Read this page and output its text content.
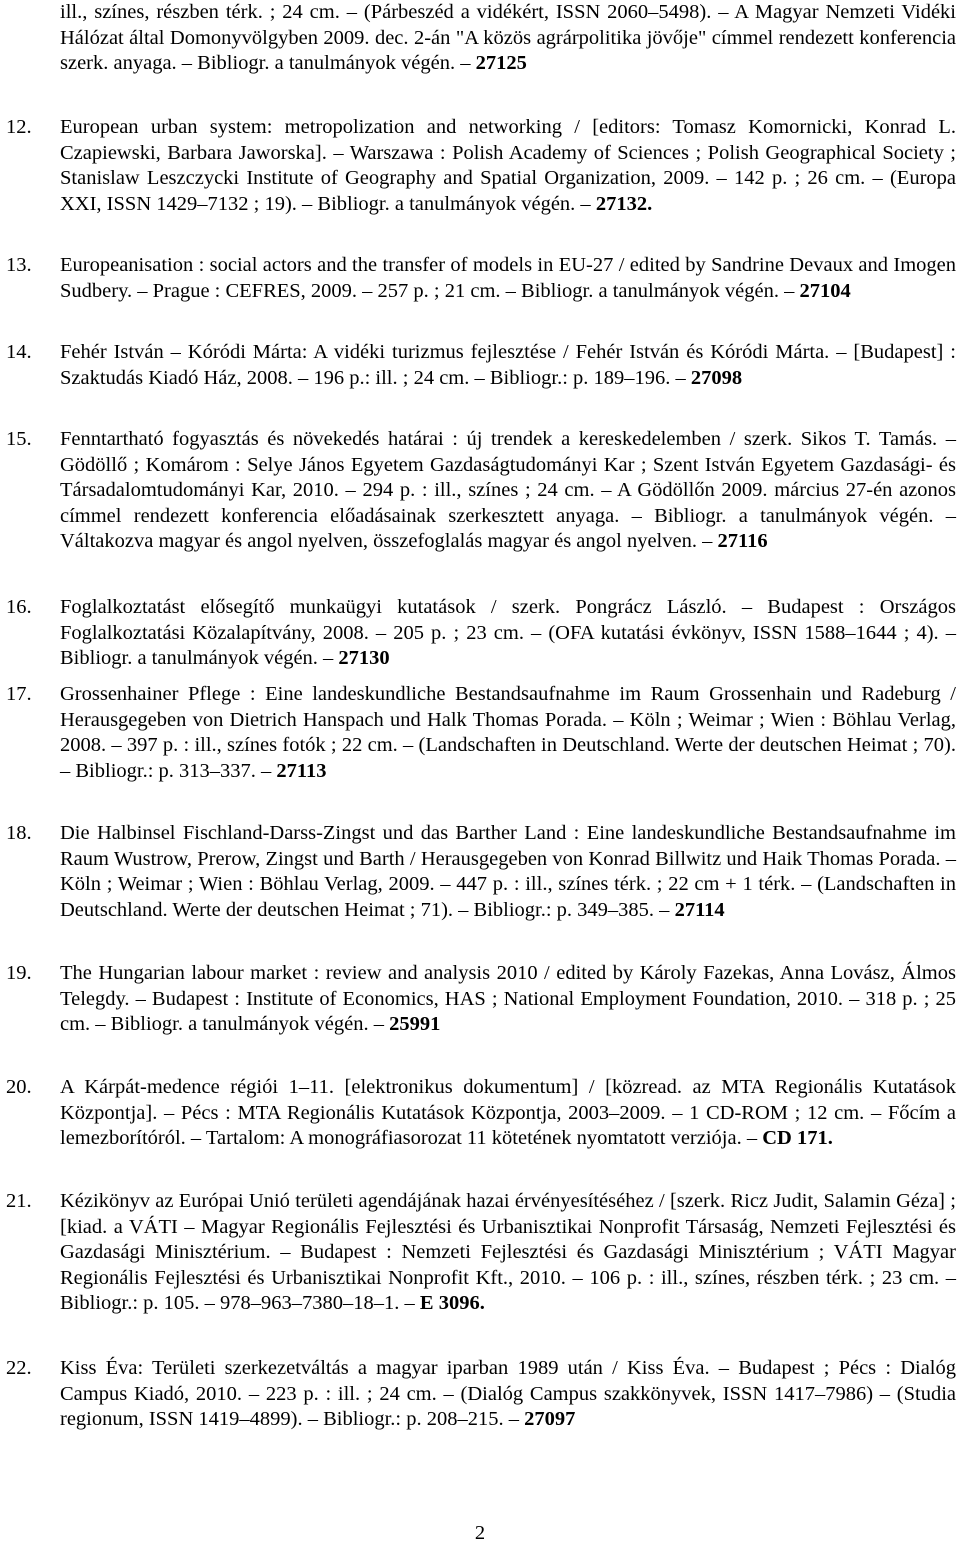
ill., színes, részben térk. ; 24 cm. – (Párbeszéd a vidékért, ISSN 2060–5498). – A Magyar Nemzeti Vidéki Hálózat által Domonyvölgyben 2009. dec. 2-án "A közös agrárpolitika jövője" címmel rendezett konferencia szerk. anyaga. – Bibliogr. a tanulmányok végén. – 27125
12.	European urban system: metropolization and networking / [editors: Tomasz Komornicki, Konrad L. Czapiewski, Barbara Jaworska]. – Warszawa : Polish Academy of Sciences ; Polish Geographical Society ; Stanislaw Leszczycki Institute of Geography and Spatial Organization, 2009. – 142 p. ; 26 cm. – (Europa XXI, ISSN 1429–7132 ; 19). – Bibliogr. a tanulmányok végén. – 27132.
13.	Europeanisation : social actors and the transfer of models in EU-27 / edited by Sandrine Devaux and Imogen Sudbery. – Prague : CEFRES, 2009. – 257 p. ; 21 cm. – Bibliogr. a tanulmányok végén. – 27104
14.	Fehér István – Kóródi Márta: A vidéki turizmus fejlesztése / Fehér István és Kóródi Márta. – [Budapest] : Szaktudás Kiadó Ház, 2008. – 196 p.: ill. ; 24 cm. – Bibliogr.: p. 189–196. – 27098
15.	Fenntartható fogyasztás és növekedés határai : új trendek a kereskedelemben / szerk. Sikos T. Tamás. – Gödöllő ; Komárom : Selye János Egyetem Gazdaságtudományi Kar ; Szent István Egyetem Gazdasági- és Társadalomtudományi Kar, 2010. – 294 p. : ill., színes ; 24 cm. – A Gödöllőn 2009. március 27-én azonos címmel rendezett konferencia előadásainak szerkesztett anyaga. – Bibliogr. a tanulmányok végén. – Váltakozva magyar és angol nyelven, összefoglalás magyar és angol nyelven. – 27116
16.	Foglalkoztatást elősegítő munkaügyi kutatások / szerk. Pongrácz László. – Budapest : Országos Foglalkoztatási Közalapítvány, 2008. – 205 p. ; 23 cm. – (OFA kutatási évkönyv, ISSN 1588–1644 ; 4). – Bibliogr. a tanulmányok végén. – 27130
17.	Grossenhainer Pflege : Eine landeskundliche Bestandsaufnahme im Raum Grossenhain und Radeburg / Herausgegeben von Dietrich Hanspach und Halk Thomas Porada. – Köln ; Weimar ; Wien : Böhlau Verlag, 2008. – 397 p. : ill., színes fotók ; 22 cm. – (Landschaften in Deutschland. Werte der deutschen Heimat ; 70). – Bibliogr.: p. 313–337. – 27113
18.	Die Halbinsel Fischland-Darss-Zingst und das Barther Land : Eine landeskundliche Bestandsaufnahme im Raum Wustrow, Prerow, Zingst und Barth / Herausgegeben von Konrad Billwitz und Haik Thomas Porada. – Köln ; Weimar ; Wien : Böhlau Verlag, 2009. – 447 p. : ill., színes térk. ; 22 cm + 1 térk. – (Landschaften in Deutschland. Werte der deutschen Heimat ; 71). – Bibliogr.: p. 349–385. – 27114
19.	The Hungarian labour market : review and analysis 2010 / edited by Károly Fazekas, Anna Lovász, Álmos Telegdy. – Budapest : Institute of Economics, HAS ; National Employment Foundation, 2010. – 318 p. ; 25 cm. – Bibliogr. a tanulmányok végén. – 25991
20.	A Kárpát-medence régiói 1–11. [elektronikus dokumentum] / [közread. az MTA Regionális Kutatások Központja]. – Pécs : MTA Regionális Kutatások Központja, 2003–2009. – 1 CD-ROM ; 12 cm. – Főcím a lemezborítóról. – Tartalom: A monográfiasorozat 11 kötetének nyomtatott verziója. – CD 171.
21.	Kézikönyv az Európai Unió területi agendájának hazai érvényesítéséhez / [szerk. Ricz Judit, Salamin Géza] ; [kiad. a VÁTI – Magyar Regionális Fejlesztési és Urbanisztikai Nonprofit Társaság, Nemzeti Fejlesztési és Gazdasági Minisztérium. – Budapest : Nemzeti Fejlesztési és Gazdasági Minisztérium ; VÁTI Magyar Regionális Fejlesztési és Urbanisztikai Nonprofit Kft., 2010. – 106 p. : ill., színes, részben térk. ; 23 cm. – Bibliogr.: p. 105. – 978–963–7380–18–1. – E 3096.
22.	Kiss Éva: Területi szerkezetváltás a magyar iparban 1989 után / Kiss Éva. – Budapest ; Pécs : Dialóg Campus Kiadó, 2010. – 223 p. : ill. ; 24 cm. – (Dialóg Campus szakkönyvek, ISSN 1417–7986) – (Studia regionum, ISSN 1419–4899). – Bibliogr.: p. 208–215. – 27097
2
